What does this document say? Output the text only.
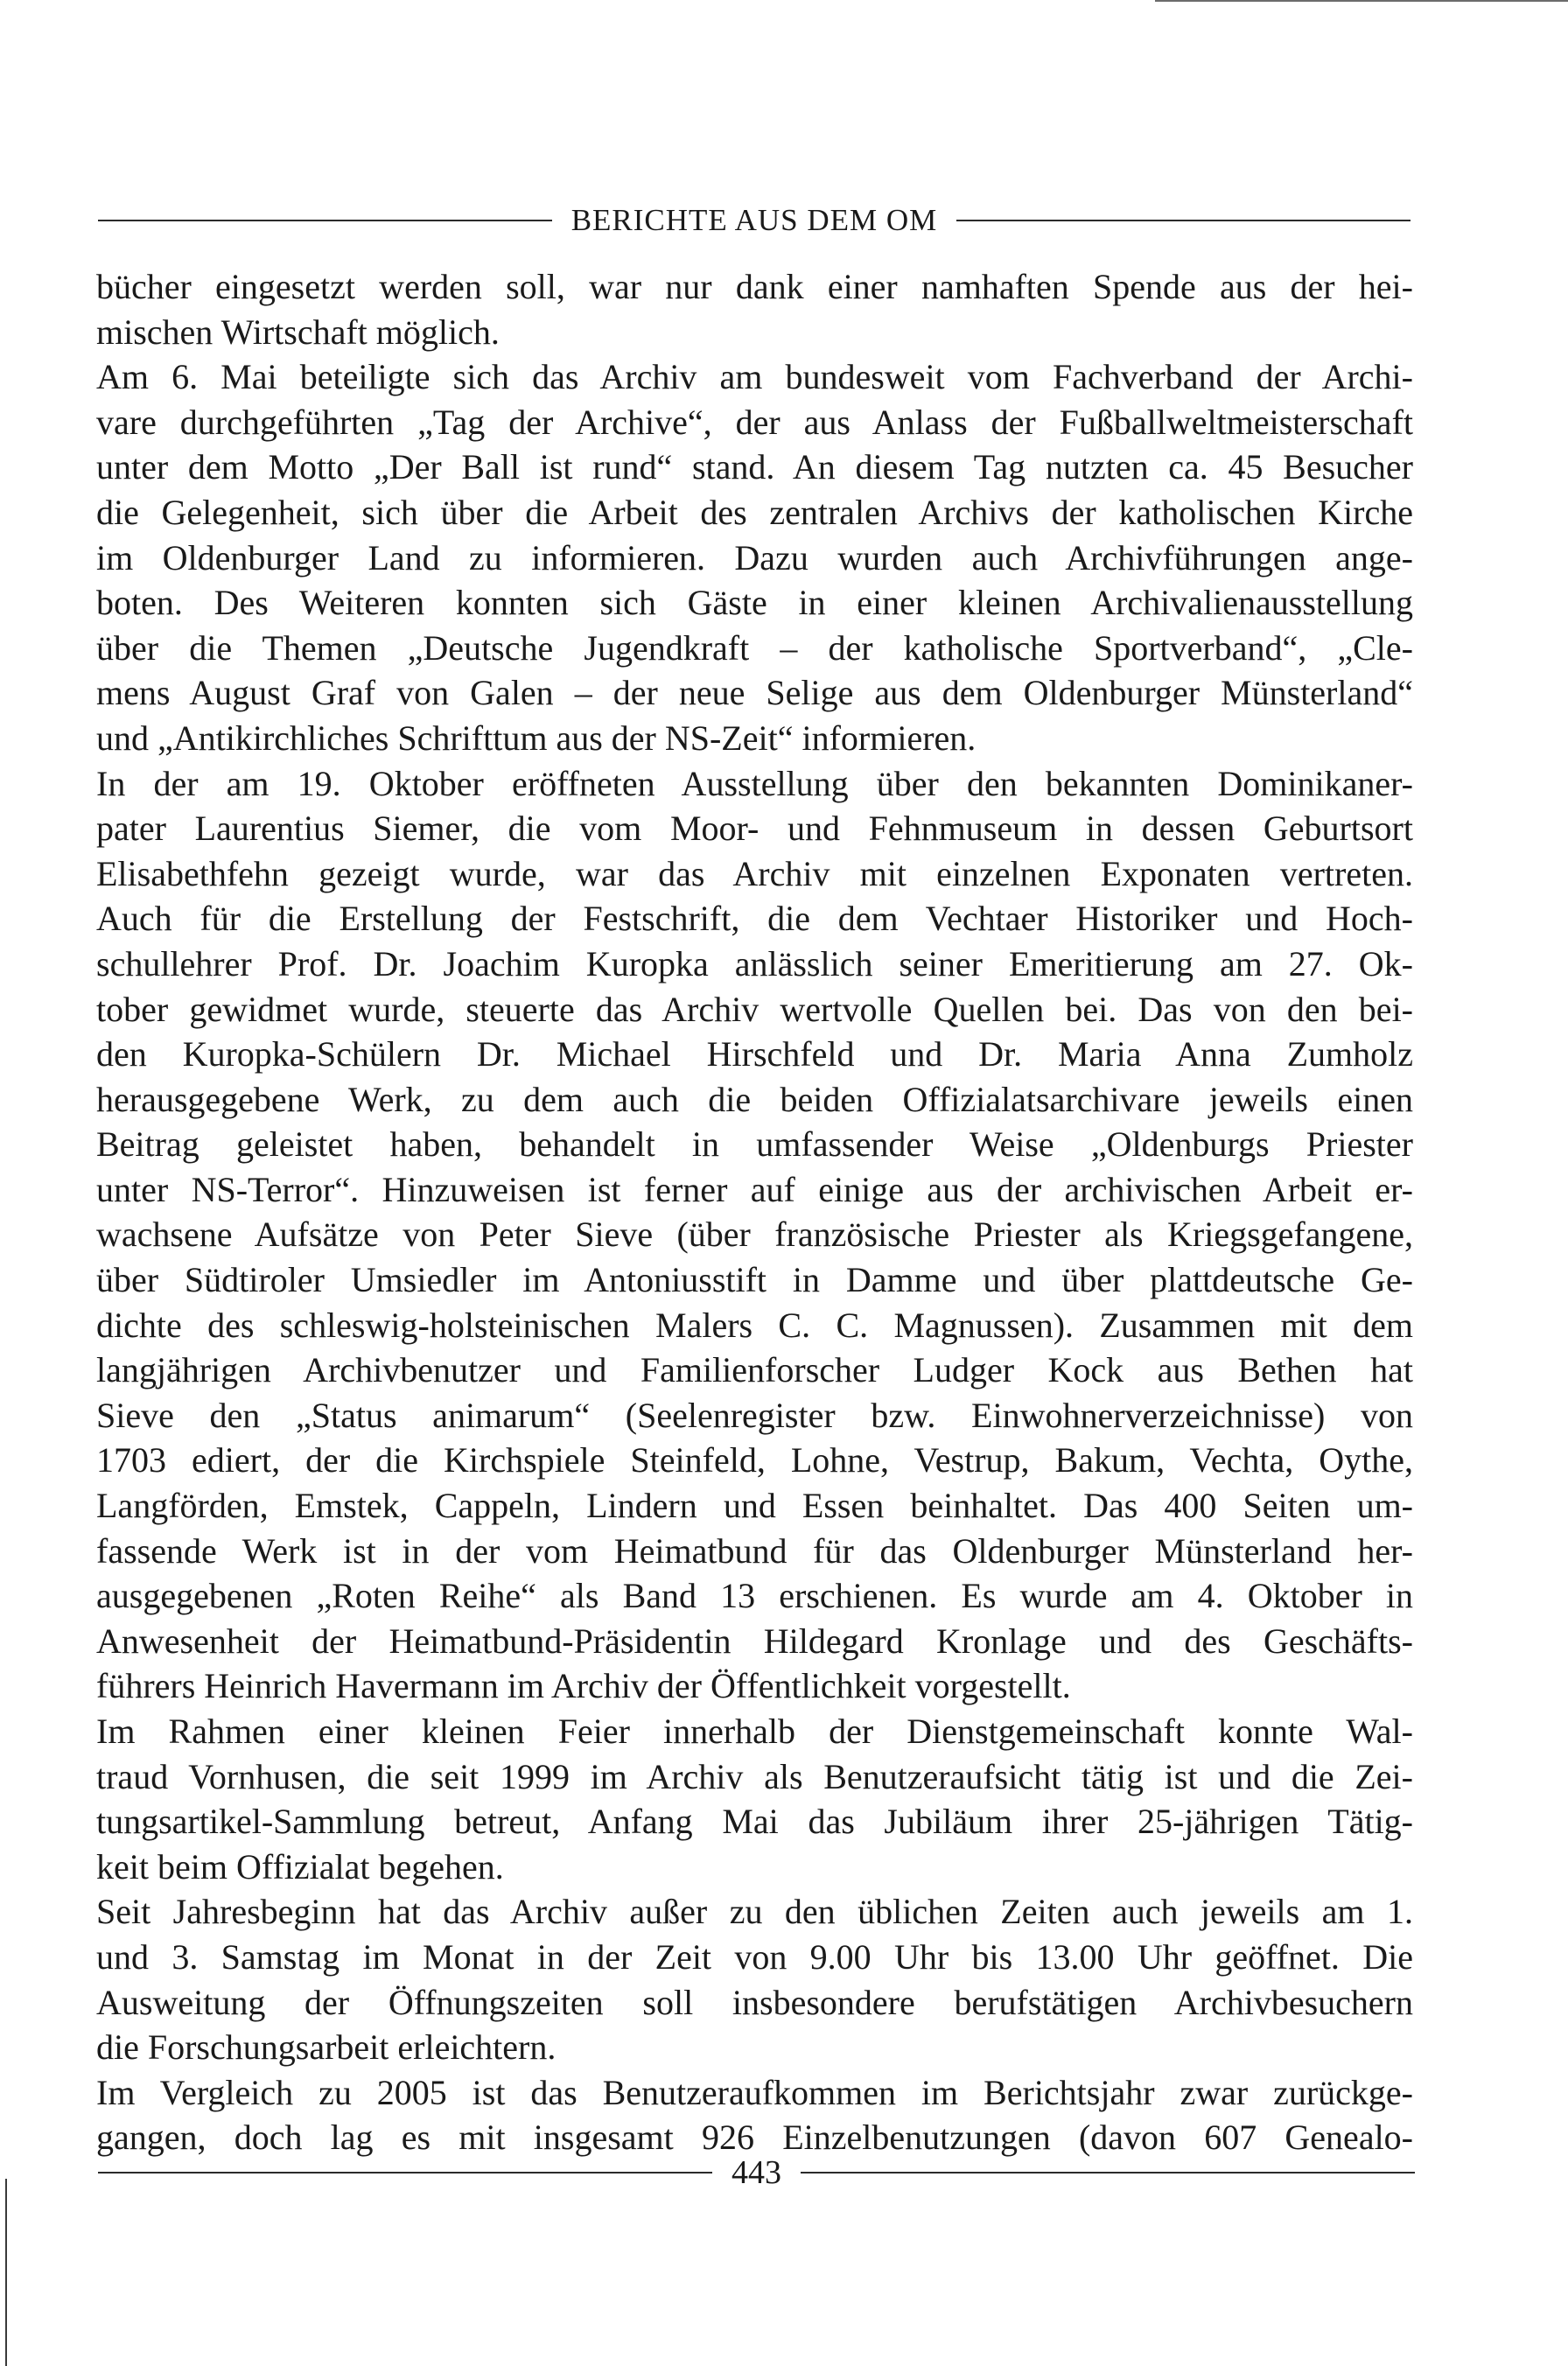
BERICHTE AUS DEM OM
bücher eingesetzt werden soll, war nur dank einer namhaften Spende aus der hei-
mischen Wirtschaft möglich.
Am 6. Mai beteiligte sich das Archiv am bundesweit vom Fachverband der Archi-
vare durchgeführten „Tag der Archive“, der aus Anlass der Fußballweltmeisterschaft
unter dem Motto „Der Ball ist rund“ stand. An diesem Tag nutzten ca. 45 Besucher
die Gelegenheit, sich über die Arbeit des zentralen Archivs der katholischen Kirche
im Oldenburger Land zu informieren. Dazu wurden auch Archivführungen ange-
boten. Des Weiteren konnten sich Gäste in einer kleinen Archivalienausstellung
über die Themen „Deutsche Jugendkraft – der katholische Sportverband“, „Cle-
mens August Graf von Galen – der neue Selige aus dem Oldenburger Münsterland“
und „Antikirchliches Schrifttum aus der NS-Zeit“ informieren.
In der am 19. Oktober eröffneten Ausstellung über den bekannten Dominikaner-
pater Laurentius Siemer, die vom Moor- und Fehnmuseum in dessen Geburtsort
Elisabethfehn gezeigt wurde, war das Archiv mit einzelnen Exponaten vertreten.
Auch für die Erstellung der Festschrift, die dem Vechtaer Historiker und Hoch-
schullehrer Prof. Dr. Joachim Kuropka anlässlich seiner Emeritierung am 27. Ok-
tober gewidmet wurde, steuerte das Archiv wertvolle Quellen bei. Das von den bei-
den Kuropka-Schülern Dr. Michael Hirschfeld und Dr. Maria Anna Zumholz
herausgegebene Werk, zu dem auch die beiden Offizialatsarchivare jeweils einen
Beitrag geleistet haben, behandelt in umfassender Weise „Oldenburgs Priester
unter NS-Terror“. Hinzuweisen ist ferner auf einige aus der archivischen Arbeit er-
wachsene Aufsätze von Peter Sieve (über französische Priester als Kriegsgefangene,
über Südtiroler Umsiedler im Antoniusstift in Damme und über plattdeutsche Ge-
dichte des schleswig-holsteinischen Malers C. C. Magnussen). Zusammen mit dem
langjährigen Archivbenutzer und Familienforscher Ludger Kock aus Bethen hat
Sieve den „Status animarum“ (Seelenregister bzw. Einwohnerverzeichnisse) von
1703 ediert, der die Kirchspiele Steinfeld, Lohne, Vestrup, Bakum, Vechta, Oythe,
Langförden, Emstek, Cappeln, Lindern und Essen beinhaltet. Das 400 Seiten um-
fassende Werk ist in der vom Heimatbund für das Oldenburger Münsterland her-
ausgegebenen „Roten Reihe“ als Band 13 erschienen. Es wurde am 4. Oktober in
Anwesenheit der Heimatbund-Präsidentin Hildegard Kronlage und des Geschäfts-
führers Heinrich Havermann im Archiv der Öffentlichkeit vorgestellt.
Im Rahmen einer kleinen Feier innerhalb der Dienstgemeinschaft konnte Wal-
traud Vornhusen, die seit 1999 im Archiv als Benutzeraufsicht tätig ist und die Zei-
tungsartikel-Sammlung betreut, Anfang Mai das Jubiläum ihrer 25-jährigen Tätig-
keit beim Offizialat begehen.
Seit Jahresbeginn hat das Archiv außer zu den üblichen Zeiten auch jeweils am 1.
und 3. Samstag im Monat in der Zeit von 9.00 Uhr bis 13.00 Uhr geöffnet. Die
Ausweitung der Öffnungszeiten soll insbesondere berufstätigen Archivbesuchern
die Forschungsarbeit erleichtern.
Im Vergleich zu 2005 ist das Benutzeraufkommen im Berichtsjahr zwar zurückge-
gangen, doch lag es mit insgesamt 926 Einzelbenutzungen (davon 607 Genealo-
443
